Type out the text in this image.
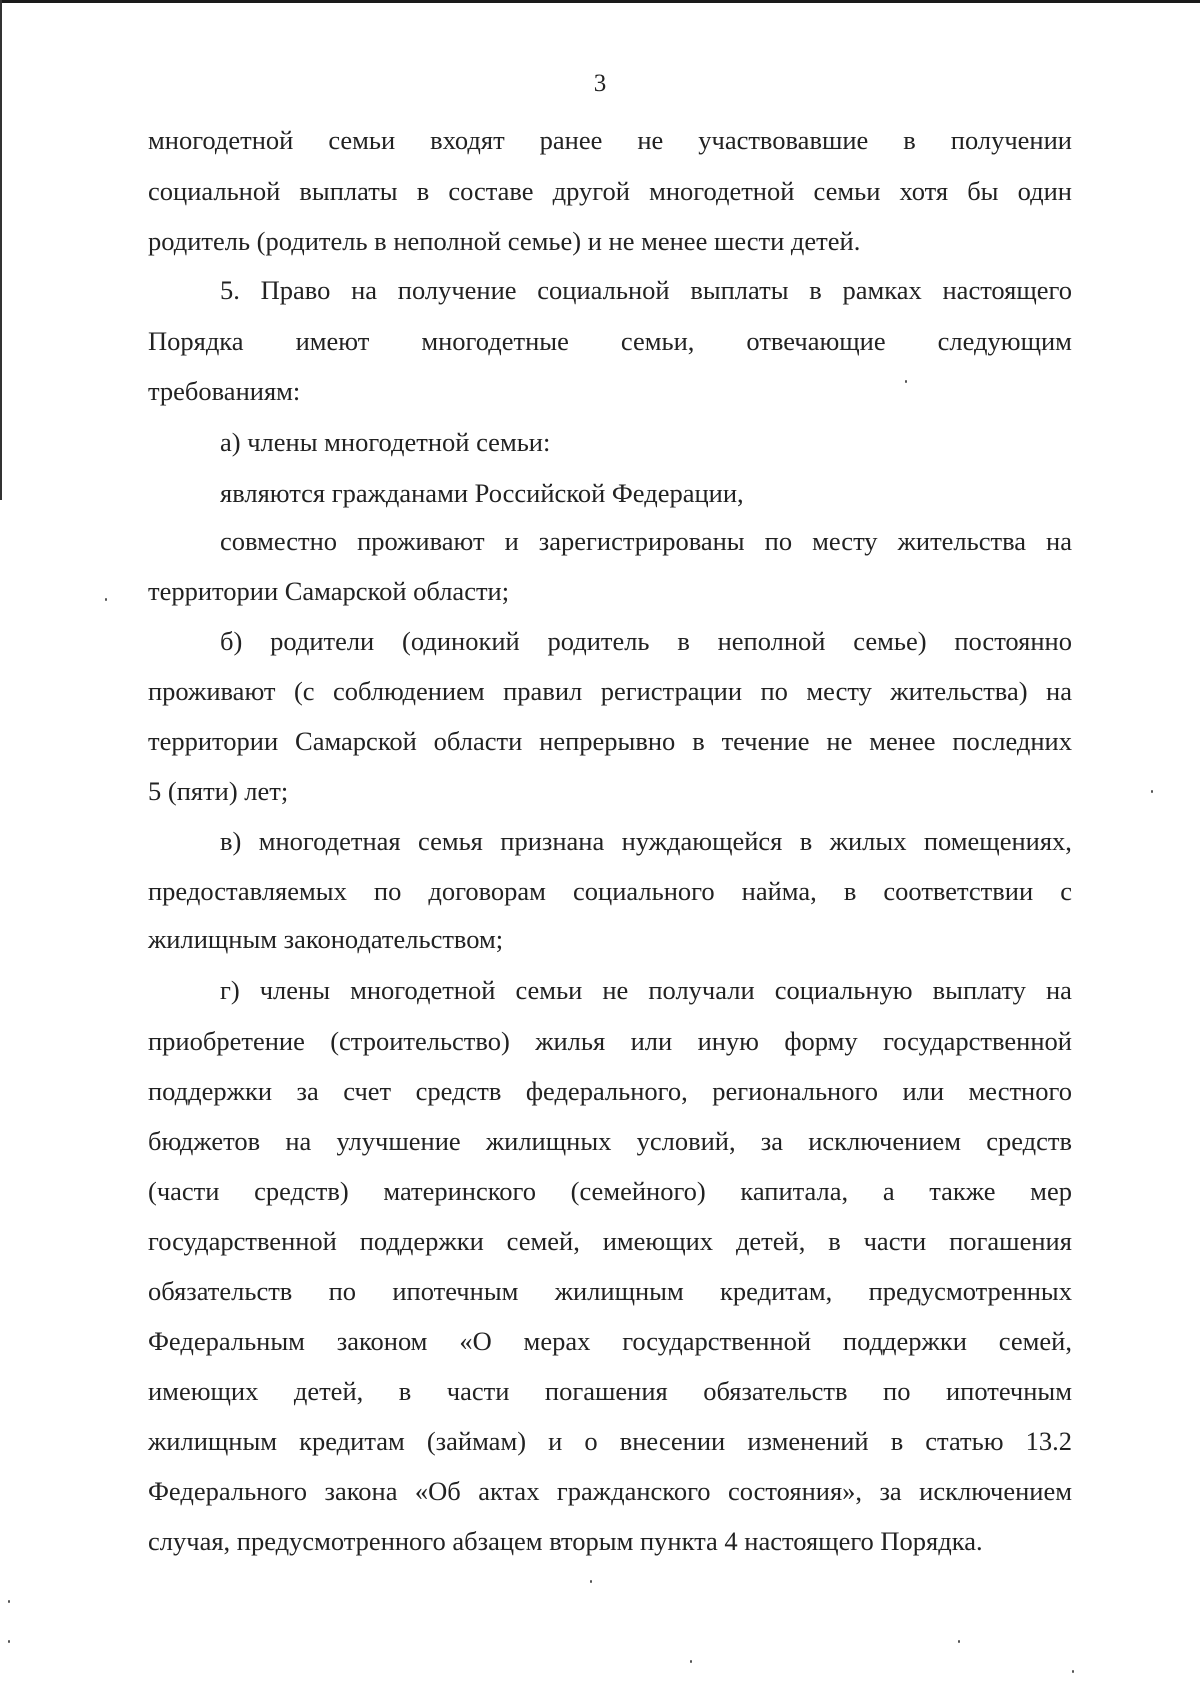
3
многодетной семьи входят ранее не участвовавшие в получении
социальной выплаты в составе другой многодетной семьи хотя бы один
родитель (родитель в неполной семье) и не менее шести детей.
5. Право на получение социальной выплаты в рамках настоящего
Порядка имеют многодетные семьи, отвечающие следующим
требованиям:
а) члены многодетной семьи:
являются гражданами Российской Федерации,
совместно проживают и зарегистрированы по месту жительства на
территории Самарской области;
б) родители (одинокий родитель в неполной семье) постоянно
проживают (с соблюдением правил регистрации по месту жительства) на
территории Самарской области непрерывно в течение не менее последних
5 (пяти) лет;
в) многодетная семья признана нуждающейся в жилых помещениях,
предоставляемых по договорам социального найма, в соответствии с
жилищным законодательством;
г) члены многодетной семьи не получали социальную выплату на
приобретение (строительство) жилья или иную форму государственной
поддержки за счет средств федерального, регионального или местного
бюджетов на улучшение жилищных условий, за исключением средств
(части средств) материнского (семейного) капитала, а также мер
государственной поддержки семей, имеющих детей, в части погашения
обязательств по ипотечным жилищным кредитам, предусмотренных
Федеральным законом «О мерах государственной поддержки семей,
имеющих детей, в части погашения обязательств по ипотечным
жилищным кредитам (займам) и о внесении изменений в статью 13.2
Федерального закона «Об актах гражданского состояния», за исключением
случая, предусмотренного абзацем вторым пункта 4 настоящего Порядка.
